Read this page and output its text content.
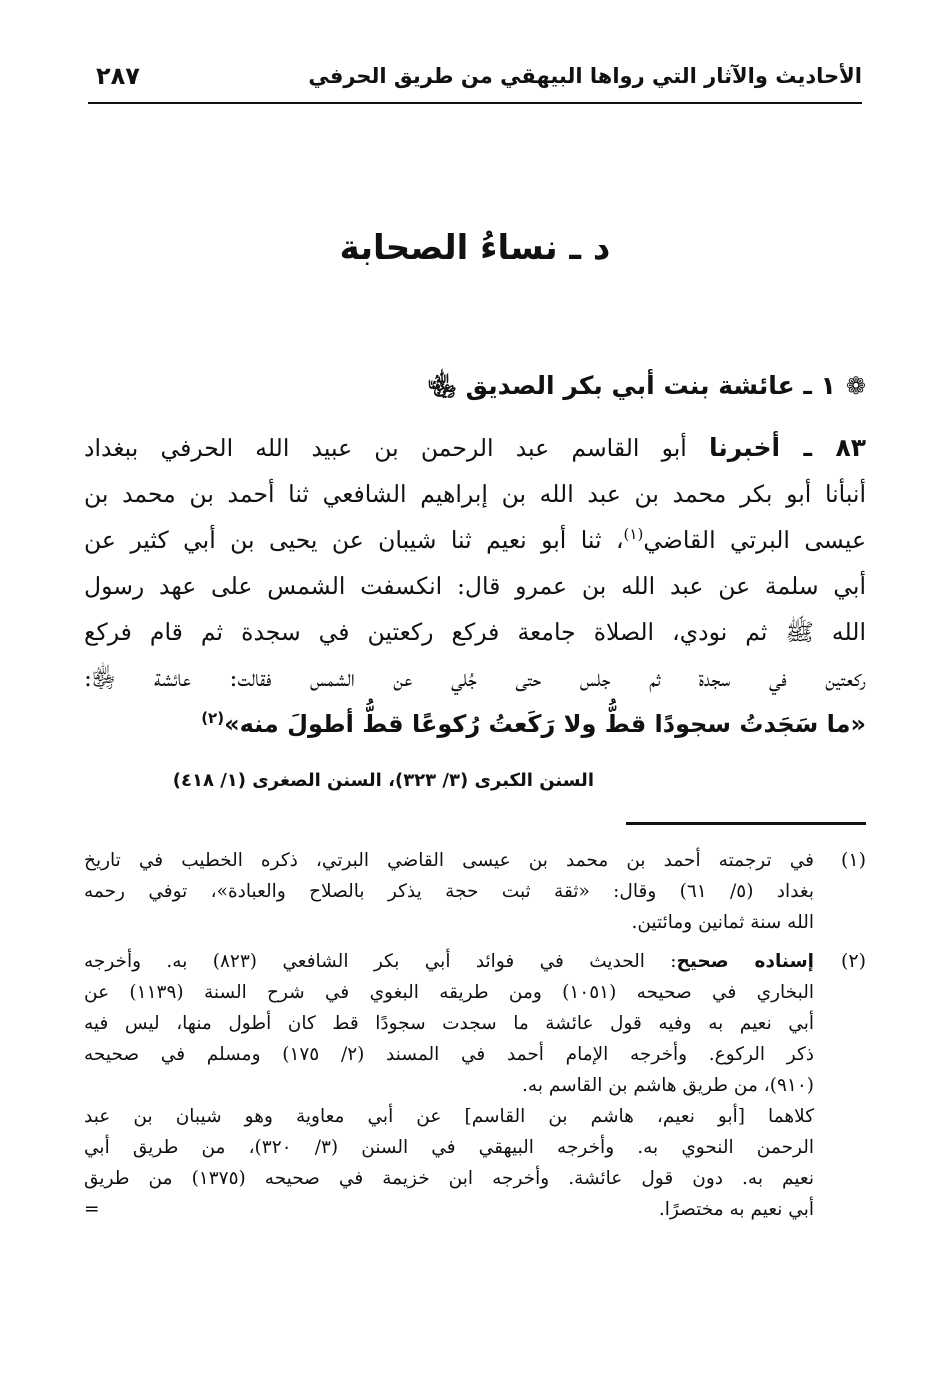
الأحاديث والآثار التي رواها البيهقي من طريق الحرفي
٢٨٧
د ـ نساءُ الصحابة
❁١ ـ عائشة بنت أبي بكر الصديق ﵄
٨٣ ـ أخبرنا أبو القاسم عبد الرحمن بن عبيد الله الحرفي ببغداد
أنبأنا أبو بكر محمد بن عبد الله بن إبراهيم الشافعي ثنا أحمد بن محمد بن
عيسى البرتي القاضي$^{(١)}$، ثنا أبو نعيم ثنا شيبان عن يحيى بن أبي كثير عن
أبي سلمة عن عبد الله بن عمرو قال: انكسفت الشمس على عهد رسول
الله ﷺ ثم نودي، الصلاة جامعة فركع ركعتين في سجدة ثم قام فركع
ركعتين في سجدة ثم جلس حتى جُلي عن الشمس فقالت: عائشة ﵂:
«ما سَجَدتُ سجودًا قطُّ ولا رَكَعتُ رُكوعًا قطُّ أطولَ منه»$^{(٢)}$
السنن الكبرى (٣/ ٣٢٣)، السنن الصغرى (١/ ٤١٨)
(١)
في ترجمته أحمد بن محمد بن عيسى القاضي البرتي، ذكره الخطيب في تاريخ
بغداد (٥/ ٦١) وقال: «ثقة ثبت حجة يذكر بالصلاح والعبادة»، توفي رحمه
الله سنة ثمانين ومائتين.
(٢)
إسناده صحيح: الحديث في فوائد أبي بكر الشافعي (٨٢٣) به. وأخرجه
البخاري في صحيحه (١٠٥١) ومن طريقه البغوي في شرح السنة (١١٣٩) عن
أبي نعيم به وفيه قول عائشة ما سجدت سجودًا قط كان أطول منها، ليس فيه
ذكر الركوع. وأخرجه الإمام أحمد في المسند (٢/ ١٧٥) ومسلم في صحيحه
(٩١٠)، من طريق هاشم بن القاسم به.
كلاهما [أبو نعيم، هاشم بن القاسم] عن أبي معاوية وهو شيبان بن عبد
الرحمن النحوي به. وأخرجه البيهقي في السنن (٣/ ٣٢٠)، من طريق أبي
نعيم به. دون قول عائشة. وأخرجه ابن خزيمة في صحيحه (١٣٧٥) من طريق
أبي نعيم به مختصرًا.
=
